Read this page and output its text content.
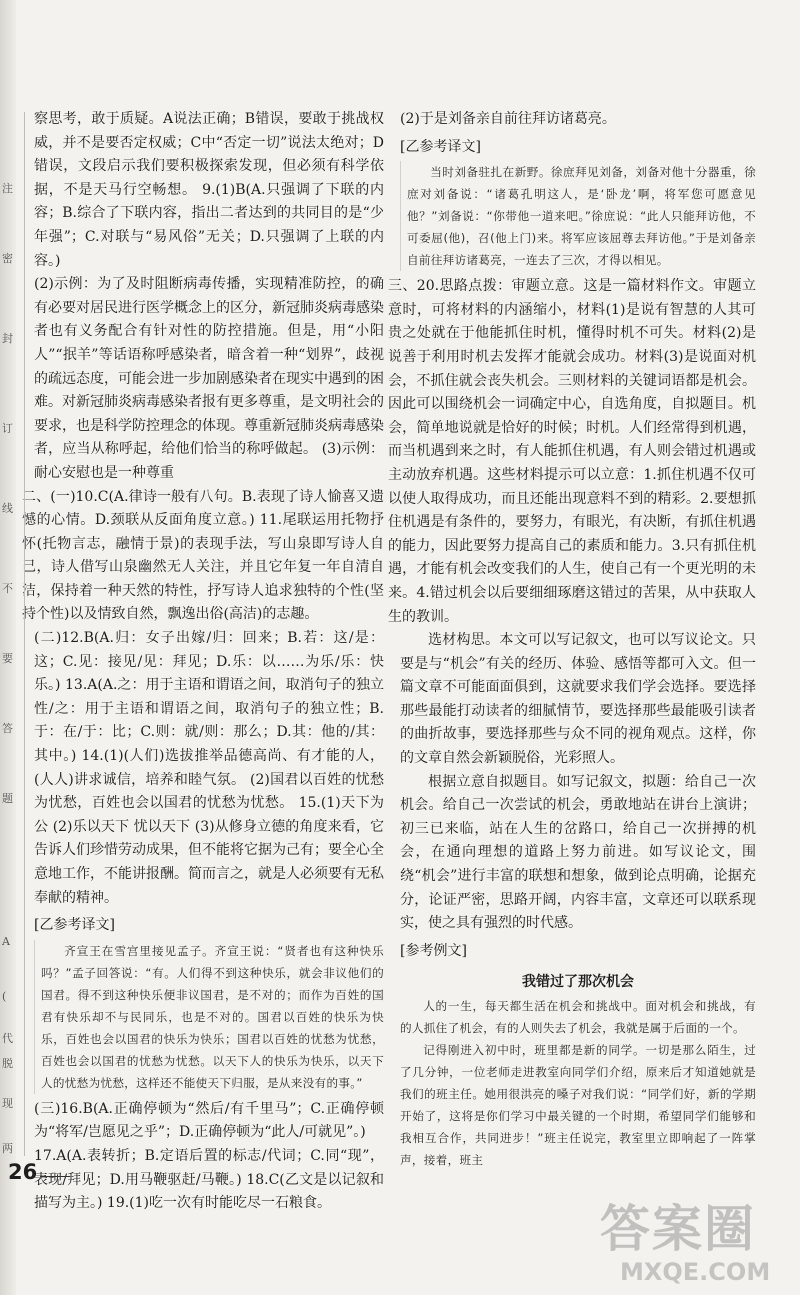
注
密
封
订
线
不
要
答
题
A
(
代
脱
现
两

察思考，敢于质疑。A说法正确；B错误，要敢于挑战权威，并不是要否定权威；C中“否定一切”说法太绝对；D错误，文段启示我们要积极探索发现，但必须有科学依据，不是天马行空畅想。 9.(1)B(A.只强调了下联的内容；B.综合了下联内容，指出二者达到的共同目的是“少年强”；C.对联与“易风俗”无关；D.只强调了上联的内容。)

(2)示例：为了及时阻断病毒传播，实现精准防控，的确有必要对居民进行医学概念上的区分，新冠肺炎病毒感染者也有义务配合有针对性的防控措施。但是，用“小阳人”“抿羊”等话语称呼感染者，暗含着一种“划界”，歧视的疏远态度，可能会进一步加剧感染者在现实中遇到的困难。对新冠肺炎病毒感染者报有更多尊重，是文明社会的要求，也是科学防控理念的体现。尊重新冠肺炎病毒感染者，应当从称呼起，给他们恰当的称呼做起。 (3)示例：耐心安慰也是一种尊重

二、(一)10.C(A.律诗一般有八句。B.表现了诗人愉喜又遗憾的心情。D.颈联从反面角度立意。) 11.尾联运用托物抒怀(托物言志，融情于景)的表现手法，写山泉即写诗人自己，诗人借写山泉幽然无人关注，并且它年复一年自清自洁，保持着一种天然的特性，抒写诗人追求独特的个性(坚持个性)以及情致自然，飘逸出俗(高洁)的志趣。

(二)12.B(A.归：女子出嫁/归：回来；B.若：这/是：这；C.见：接见/见：拜见；D.乐：以……为乐/乐：快乐。) 13.A(A.之：用于主语和谓语之间，取消句子的独立性/之：用于主语和谓语之间，取消句子的独立性；B.于：在/于：比；C.则：就/则：那么；D.其：他的/其：其中。) 14.(1)(人们)选拔推举品德高尚、有才能的人，(人人)讲求诚信，培养和睦气氛。 (2)国君以百姓的忧愁为忧愁，百姓也会以国君的忧愁为忧愁。 15.(1)天下为公 (2)乐以天下 忧以天下 (3)从修身立德的角度来看，它告诉人们珍惜劳动成果，但不能将它据为己有；要全心全意地工作，不能讲报酬。简而言之，就是人必须要有无私奉献的精神。

[乙参考译文]

齐宣王在雪宫里接见孟子。齐宣王说：“贤者也有这种快乐吗？”孟子回答说：“有。人们得不到这种快乐，就会非议他们的国君。得不到这种快乐便非议国君，是不对的；而作为百姓的国君有快乐却不与民同乐，也是不对的。国君以百姓的快乐为快乐，百姓也会以国君的快乐为快乐；国君以百姓的忧愁为忧愁，百姓也会以国君的忧愁为忧愁。以天下人的快乐为快乐，以天下人的忧愁为忧愁，这样还不能使天下归服，是从来没有的事。”

(三)16.B(A.正确停顿为“然后/有千里马”；C.正确停顿为“将军/岂愿见之乎”；D.正确停顿为“此人/可就见”。)

17.A(A.表转折；B.定语后置的标志/代词；C.同“现”，表现/拜见；D.用马鞭驱赶/马鞭。) 18.C(乙文是以记叙和描写为主。) 19.(1)吃一次有时能吃尽一石粮食。

(2)于是刘备亲自前往拜访诸葛亮。

[乙参考译文]

当时刘备驻扎在新野。徐庶拜见刘备，刘备对他十分器重，徐庶对刘备说：“诸葛孔明这人，是‘卧龙’啊，将军您可愿意见他？”刘备说：“你带他一道来吧。”徐庶说：“此人只能拜访他，不可委屈(他)，召(他上门)来。将军应该屈尊去拜访他。”于是刘备亲自前往拜访诸葛亮，一连去了三次，才得以相见。

三、20.思路点拨：审题立意。这是一篇材料作文。审题立意时，可将材料的内涵缩小，材料(1)是说有智慧的人其可贵之处就在于他能抓住时机，懂得时机不可失。材料(2)是说善于利用时机去发挥才能就会成功。材料(3)是说面对机会，不抓住就会丧失机会。三则材料的关键词语都是机会。因此可以围绕机会一词确定中心，自选角度，自拟题目。机会，简单地说就是恰好的时候；时机。人们经常得到机遇，而当机遇到来之时，有人能抓住机遇，有人则会错过机遇或主动放弃机遇。这些材料提示可以立意：1.抓住机遇不仅可以使人取得成功，而且还能出现意料不到的精彩。2.要想抓住机遇是有条件的，要努力，有眼光，有决断，有抓住机遇的能力，因此要努力提高自己的素质和能力。3.只有抓住机遇，才能有机会改变我们的人生，使自己有一个更光明的未来。4.错过机会以后要细细琢磨这错过的苦果，从中获取人生的教训。

选材构思。本文可以写记叙文，也可以写议论文。只要是与“机会”有关的经历、体验、感悟等都可入文。但一篇文章不可能面面俱到，这就要求我们学会选择。要选择那些最能打动读者的细腻情节，要选择那些最能吸引读者的曲折故事，要选择那些与众不同的视角观点。这样，你的文章自然会新颖脱俗，光彩照人。

根据立意自拟题目。如写记叙文，拟题：给自己一次机会。给自己一次尝试的机会，勇敢地站在讲台上演讲；初三已来临，站在人生的岔路口，给自己一次拼搏的机会，在通向理想的道路上努力前进。如写议论文，围绕“机会”进行丰富的联想和想象，做到论点明确，论据充分，论证严密，思路开阔，内容丰富，文章还可以联系现实，使之具有强烈的时代感。

[参考例文]

我错过了那次机会

人的一生，每天都生活在机会和挑战中。面对机会和挑战，有的人抓住了机会，有的人则失去了机会，我就是属于后面的一个。

记得刚进入初中时，班里都是新的同学。一切是那么陌生，过了几分钟，一位老师走进教室向同学们介绍，原来后才知道她就是我们的班主任。她用很洪亮的嗓子对我们说：“同学们好，新的学期开始了，这将是你们学习中最关键的一个时期，希望同学们能够和我相互合作，共同进步！”班主任说完，教室里立即响起了一阵掌声，接着，班主

26
答案圈
MXQE.COM
